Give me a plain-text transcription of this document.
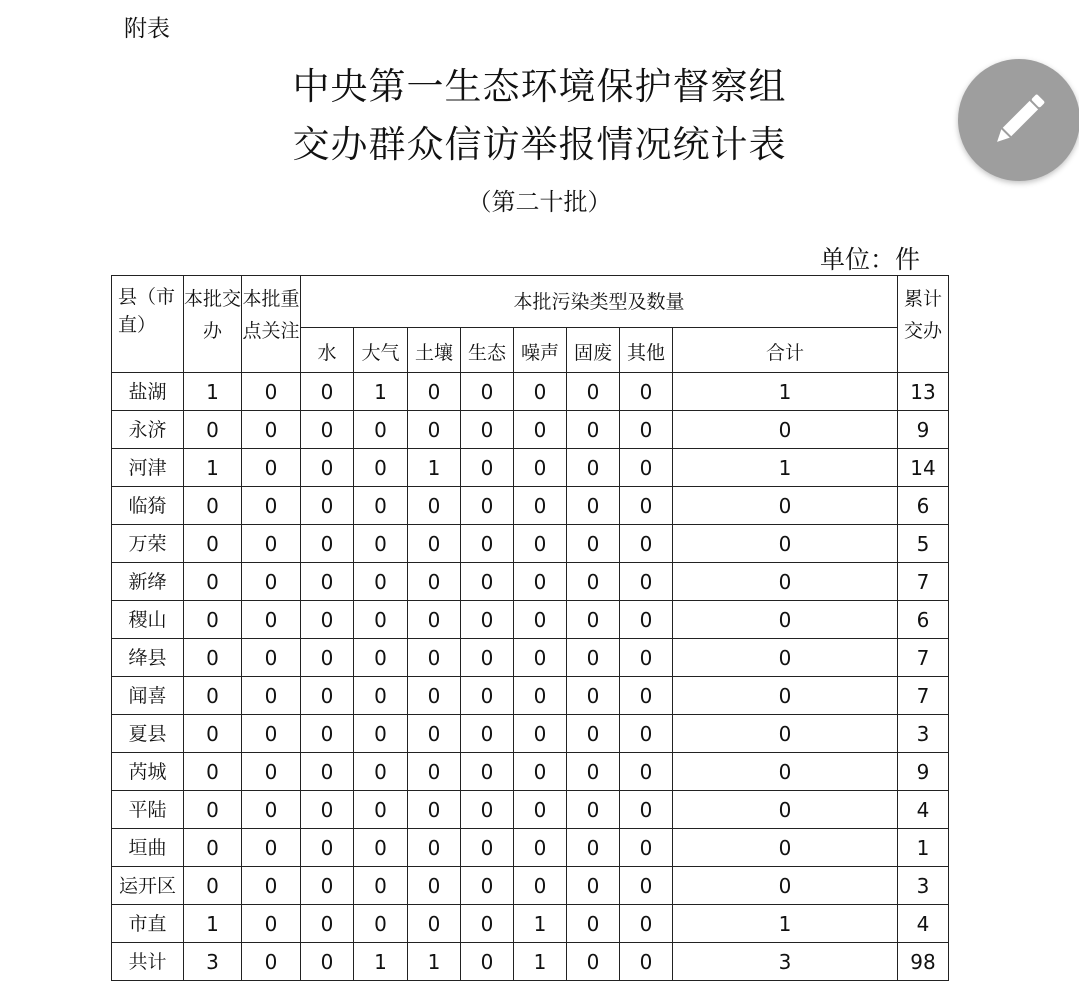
附表
中央第一生态环境保护督察组
交办群众信访举报情况统计表
（第二十批）
单位：件
县（市直）	本批交办	本批重点关注	本批污染类型及数量								累计交办
			水	大气	土壤	生态	噪声	固废	其他	合计	
盐湖	1	0	0	1	0	0	0	0	0	1	13
永济	0	0	0	0	0	0	0	0	0	0	9
河津	1	0	0	0	1	0	0	0	0	1	14
临猗	0	0	0	0	0	0	0	0	0	0	6
万荣	0	0	0	0	0	0	0	0	0	0	5
新绛	0	0	0	0	0	0	0	0	0	0	7
稷山	0	0	0	0	0	0	0	0	0	0	6
绛县	0	0	0	0	0	0	0	0	0	0	7
闻喜	0	0	0	0	0	0	0	0	0	0	7
夏县	0	0	0	0	0	0	0	0	0	0	3
芮城	0	0	0	0	0	0	0	0	0	0	9
平陆	0	0	0	0	0	0	0	0	0	0	4
垣曲	0	0	0	0	0	0	0	0	0	0	1
运开区	0	0	0	0	0	0	0	0	0	0	3
市直	1	0	0	0	0	0	1	0	0	1	4
共计	3	0	0	1	1	0	1	0	0	3	98
